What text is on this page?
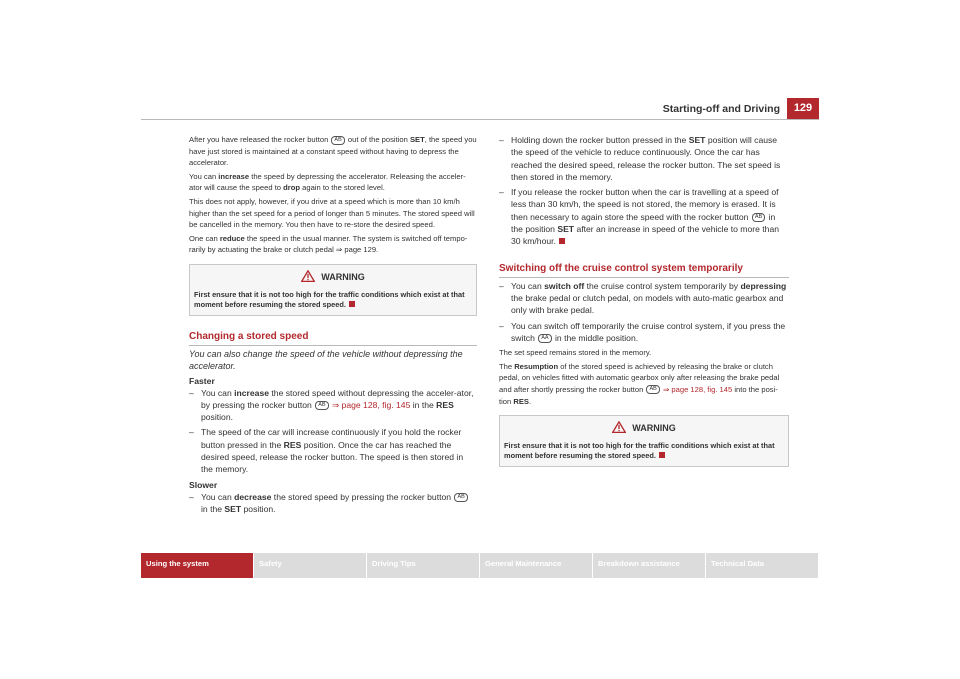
Starting-off and Driving	129

After you have released the rocker button AB out of the position SET, the speed you have just stored is maintained at a constant speed without having to depress the accelerator.

You can increase the speed by depressing the accelerator. Releasing the acceler-ator will cause the speed to drop again to the stored level.

This does not apply, however, if you drive at a speed which is more than 10 km/h higher than the set speed for a period of longer than 5 minutes. The stored speed will be cancelled in the memory. You then have to re-store the desired speed.

One can reduce the speed in the usual manner. The system is switched off tempo-rarily by actuating the brake or clutch pedal ⇒ page 129.

WARNING
First ensure that it is not too high for the traffic conditions which exist at that moment before resuming the stored speed.
Changing a stored speed

You can also change the speed of the vehicle without depressing the accelerator.

Faster

– You can increase the stored speed without depressing the acceler-ator, by pressing the rocker button AB ⇒ page 128, fig. 145 in the RES position.
– The speed of the car will increase continuously if you hold the rocker button pressed in the RES position. Once the car has reached the desired speed, release the rocker button. The speed is then stored in the memory.

Slower

– You can decrease the stored speed by pressing the rocker button AB in the SET position.
– Holding down the rocker button pressed in the SET position will cause the speed of the vehicle to reduce continuously. Once the car has reached the desired speed, release the rocker button. The set speed is then stored in the memory.
– If you release the rocker button when the car is travelling at a speed of less than 30 km/h, the speed is not stored, the memory is erased. It is then necessary to again store the speed with the rocker button AB in the position SET after an increase in speed of the vehicle to more than 30 km/hour.
Switching off the cruise control system temporarily
– You can switch off the cruise control system temporarily by depressing the brake pedal or clutch pedal, on models with auto-matic gearbox and only with brake pedal.
– You can switch off temporarily the cruise control system, if you press the switch AA in the middle position.

The set speed remains stored in the memory.

The Resumption of the stored speed is achieved by releasing the brake or clutch pedal, on vehicles fitted with automatic gearbox only after releasing the brake pedal and after shortly pressing the rocker button AB ⇒ page 128, fig. 145 into the posi-tion RES.

WARNING
First ensure that it is not too high for the traffic conditions which exist at that moment before resuming the stored speed.
Using the system	Safety	Driving Tips	General Maintenance	Breakdown assistance	Technical Data
